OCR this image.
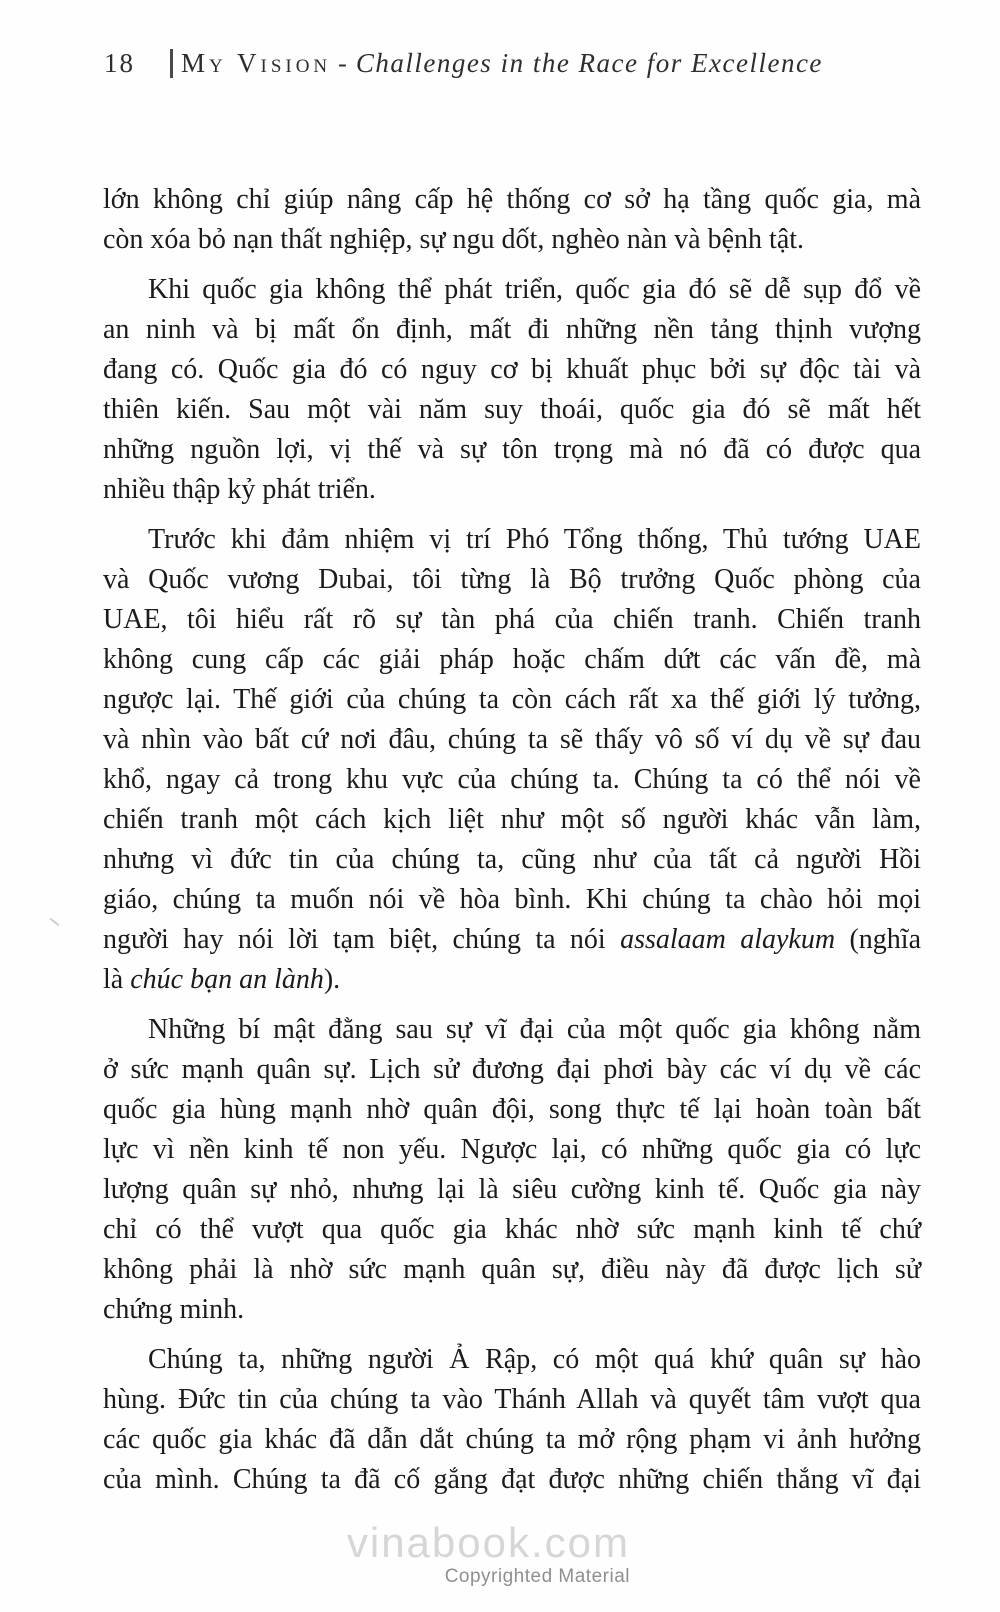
18 My Vision - Challenges in the Race for Excellence
lớn không chỉ giúp nâng cấp hệ thống cơ sở hạ tầng quốc gia, mà
còn xóa bỏ nạn thất nghiệp, sự ngu dốt, nghèo nàn và bệnh tật.
Khi quốc gia không thể phát triển, quốc gia đó sẽ dễ sụp đổ về
an ninh và bị mất ổn định, mất đi những nền tảng thịnh vượng
đang có. Quốc gia đó có nguy cơ bị khuất phục bởi sự độc tài và
thiên kiến. Sau một vài năm suy thoái, quốc gia đó sẽ mất hết
những nguồn lợi, vị thế và sự tôn trọng mà nó đã có được qua
nhiều thập kỷ phát triển.
Trước khi đảm nhiệm vị trí Phó Tổng thống, Thủ tướng UAE
và Quốc vương Dubai, tôi từng là Bộ trưởng Quốc phòng của
UAE, tôi hiểu rất rõ sự tàn phá của chiến tranh. Chiến tranh
không cung cấp các giải pháp hoặc chấm dứt các vấn đề, mà
ngược lại. Thế giới của chúng ta còn cách rất xa thế giới lý tưởng,
và nhìn vào bất cứ nơi đâu, chúng ta sẽ thấy vô số ví dụ về sự đau
khổ, ngay cả trong khu vực của chúng ta. Chúng ta có thể nói về
chiến tranh một cách kịch liệt như một số người khác vẫn làm,
nhưng vì đức tin của chúng ta, cũng như của tất cả người Hồi
giáo, chúng ta muốn nói về hòa bình. Khi chúng ta chào hỏi mọi
người hay nói lời tạm biệt, chúng ta nói assalaam alaykum (nghĩa
là chúc bạn an lành).
Những bí mật đằng sau sự vĩ đại của một quốc gia không nằm
ở sức mạnh quân sự. Lịch sử đương đại phơi bày các ví dụ về các
quốc gia hùng mạnh nhờ quân đội, song thực tế lại hoàn toàn bất
lực vì nền kinh tế non yếu. Ngược lại, có những quốc gia có lực
lượng quân sự nhỏ, nhưng lại là siêu cường kinh tế. Quốc gia này
chỉ có thể vượt qua quốc gia khác nhờ sức mạnh kinh tế chứ
không phải là nhờ sức mạnh quân sự, điều này đã được lịch sử
chứng minh.
Chúng ta, những người Ả Rập, có một quá khứ quân sự hào
hùng. Đức tin của chúng ta vào Thánh Allah và quyết tâm vượt qua
các quốc gia khác đã dẫn dắt chúng ta mở rộng phạm vi ảnh hưởng
của mình. Chúng ta đã cố gắng đạt được những chiến thắng vĩ đại
vinabook.com
Copyrighted Material
